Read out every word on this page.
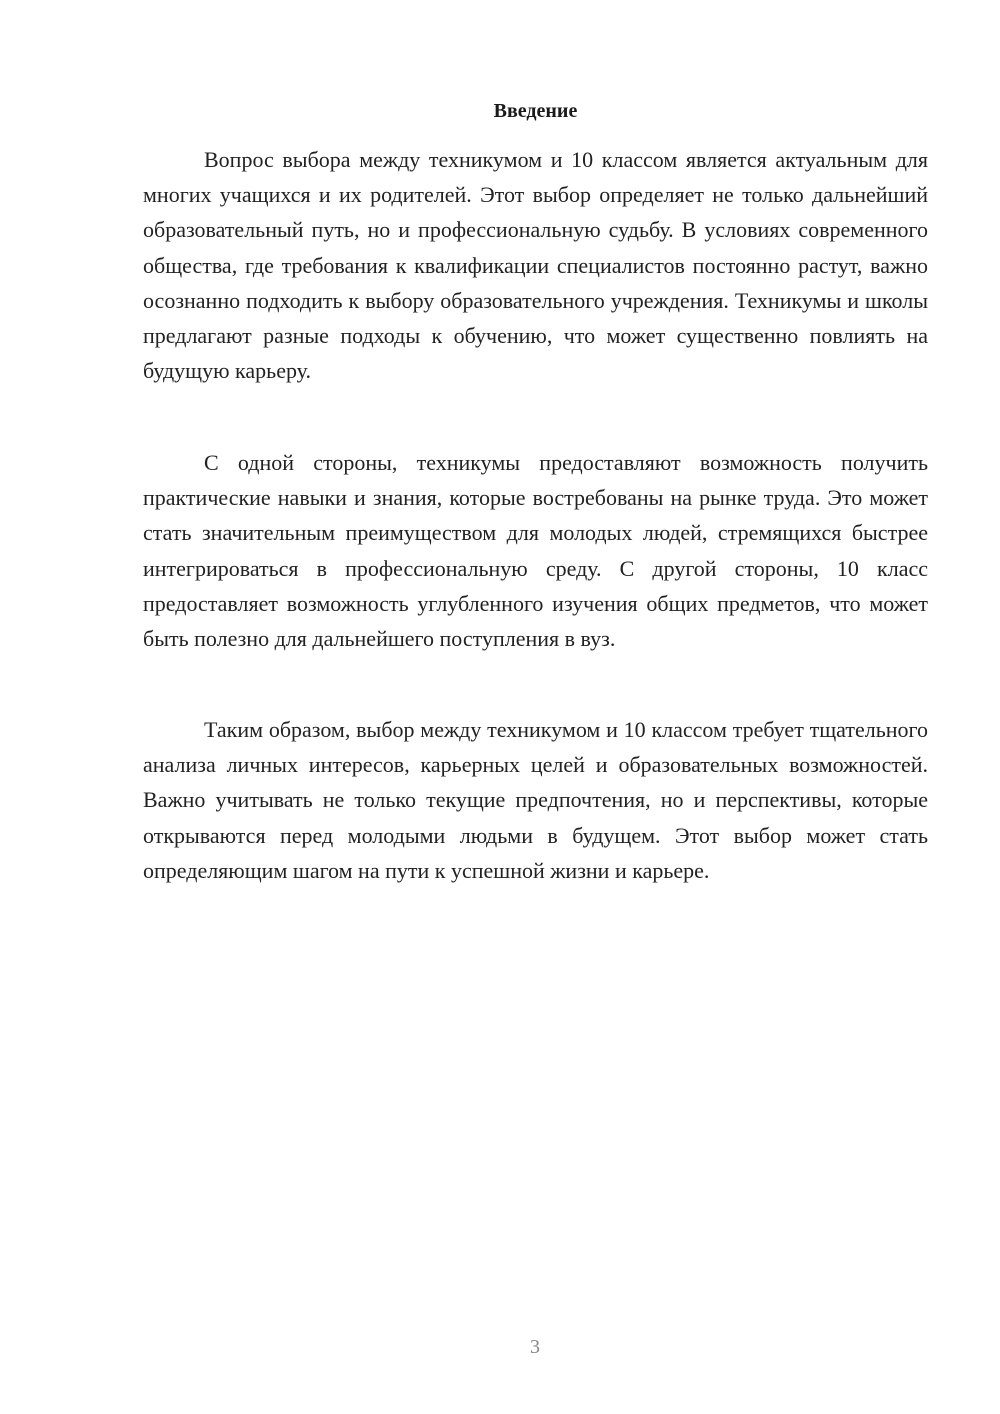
Введение

Вопрос выбора между техникумом и 10 классом является актуальным для многих учащихся и их родителей. Этот выбор определяет не только дальнейший образовательный путь, но и профессиональную судьбу. В условиях современного общества, где требования к квалификации специалистов постоянно растут, важно осознанно подходить к выбору образовательного учреждения. Техникумы и школы предлагают разные подходы к обучению, что может существенно повлиять на будущую карьеру.

С одной стороны, техникумы предоставляют возможность получить практические навыки и знания, которые востребованы на рынке труда. Это может стать значительным преимуществом для молодых людей, стремящихся быстрее интегрироваться в профессиональную среду. С другой стороны, 10 класс предоставляет возможность углубленного изучения общих предметов, что может быть полезно для дальнейшего поступления в вуз.

Таким образом, выбор между техникумом и 10 классом требует тщательного анализа личных интересов, карьерных целей и образовательных возможностей. Важно учитывать не только текущие предпочтения, но и перспективы, которые открываются перед молодыми людьми в будущем. Этот выбор может стать определяющим шагом на пути к успешной жизни и карьере.

3
